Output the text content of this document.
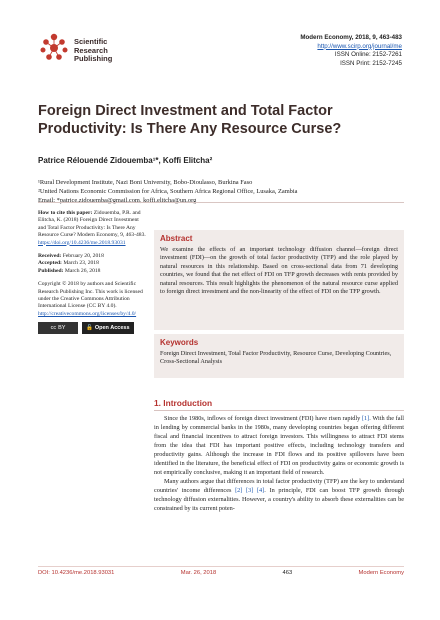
Scientific
Research
Publishing
Modern Economy, 2018, 9, 463-483
http://www.scirp.org/journal/me
ISSN Online: 2152-7261
ISSN Print: 2152-7245
Foreign Direct Investment and Total Factor Productivity: Is There Any Resource Curse?
Patrice Rélouendé Zidouemba¹*, Koffi Elitcha²
¹Rural Development Institute, Nazi Boni University, Bobo-Dioulasso, Burkina Faso
²United Nations Economic Commission for Africa, Southern Africa Regional Office, Lusaka, Zambia
Email: *patrice.zidouemba@gmail.com, koffi.elitcha@un.org
How to cite this paper: Zidouemba, P.R. and Elitcha, K. (2018) Foreign Direct Investment and Total Factor Productivity: Is There Any Resource Curse? Modern Economy, 9, 463-483.
https://doi.org/10.4236/me.2018.93031
Received: February 20, 2018
Accepted: March 23, 2018
Published: March 26, 2018
Copyright © 2018 by authors and Scientific Research Publishing Inc. This work is licensed under the Creative Commons Attribution International License (CC BY 4.0).
http://creativecommons.org/licenses/by/4.0/
cc BY	🔓 Open Access
Abstract
We examine the effects of an important technology diffusion channel—foreign direct investment (FDI)—on the growth of total factor productivity (TFP) and the role played by natural resources in this relationship. Based on cross-sectional data from 71 developing countries, we found that the net effect of FDI on TFP growth decreases with rents provided by natural resources. This result highlights the phenomenon of the natural resource curse applied to foreign direct investment and the non-linearity of the effect of FDI on the TFP growth.
Keywords
Foreign Direct Investment, Total Factor Productivity, Resource Curse, Developing Countries, Cross-Sectional Analysis
1. Introduction

Since the 1980s, inflows of foreign direct investment (FDI) have risen rapidly [1]. With the fall in lending by commercial banks in the 1980s, many developing countries began offering different fiscal and financial incentives to attract foreign investors. This willingness to attract FDI stems from the idea that FDI has important positive effects, including technology transfers and productivity gains. Although the increase in FDI flows and its positive spillovers have been identified in the literature, the beneficial effect of FDI on productivity gains or economic growth is not empirically conclusive, making it an important field of research.

Many authors argue that differences in total factor productivity (TFP) are the key to understand countries' income differences [2] [3] [4]. In principle, FDI can boost TFP growth through technology diffusion externalities. However, a country's ability to absorb these externalities can be constrained by its current poten-

DOI: 10.4236/me.2018.93031	Mar. 26, 2018	463	Modern Economy
